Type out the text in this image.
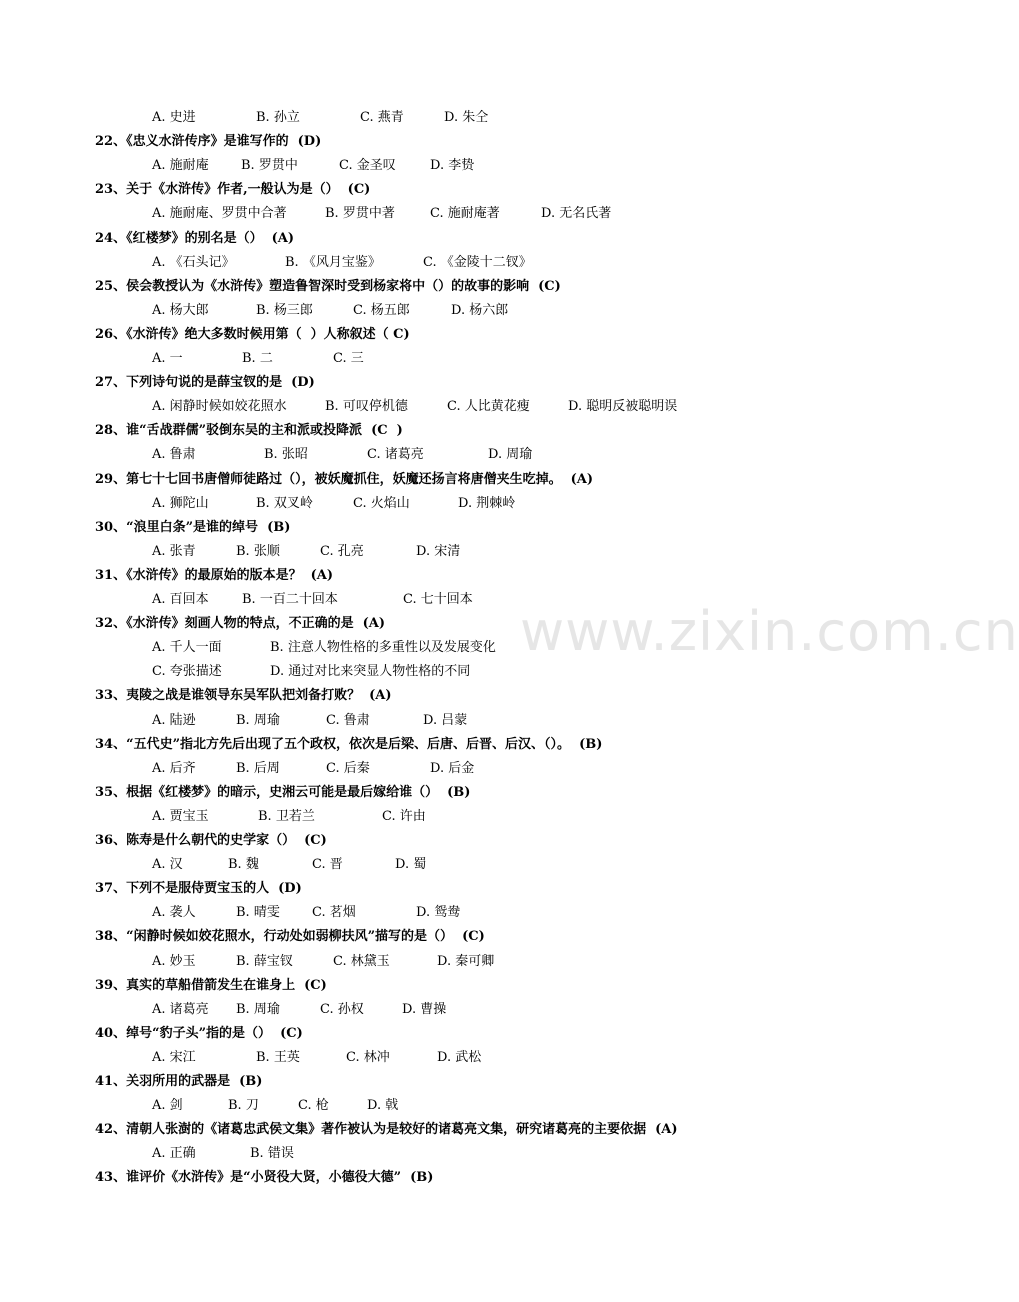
www.zixin.com.cn
A. 史进	B. 孙立	C. 燕青	D. 朱仝
22、《忠义水浒传序》是谁写作的  (D)
A. 施耐庵 B. 罗贯中	C. 金圣叹	D. 李贽
23、关于《水浒传》作者,一般认为是（）  (C)
A. 施耐庵、罗贯中合著	B. 罗贯中著	C. 施耐庵著	D. 无名氏著
24、《红楼梦》的别名是（）  (A)
A. 《石头记》	B. 《风月宝鉴》	C. 《金陵十二钗》
25、侯会教授认为《水浒传》塑造鲁智深时受到杨家将中（）的故事的影响  (C)
A. 杨大郎	B. 杨三郎	C. 杨五郎	D. 杨六郎
26、《水浒传》绝大多数时候用第（  ）人称叙述（ C)
A. 一	B. 二	C. 三
27、下列诗句说的是薛宝钗的是  (D)
A. 闲静时候如姣花照水	B. 可叹停机德	C. 人比黄花瘦	D. 聪明反被聪明误
28、谁“舌战群儒”驳倒东吴的主和派或投降派  (C  )
A. 鲁肃	B. 张昭	C. 诸葛亮	D. 周瑜
29、第七十七回书唐僧师徒路过（），被妖魔抓住，妖魔还扬言将唐僧夹生吃掉。  (A)
A. 狮陀山	B. 双叉岭	C. 火焰山	D. 荆棘岭
30、“浪里白条”是谁的绰号  (B)
A. 张青	B. 张顺	C. 孔亮	D. 宋清
31、《水浒传》的最原始的版本是？  (A)
A. 百回本	B. 一百二十回本	C. 七十回本
32、《水浒传》刻画人物的特点，不正确的是  (A)
A. 千人一面	B. 注意人物性格的多重性以及发展变化
C. 夸张描述	D. 通过对比来突显人物性格的不同
33、夷陵之战是谁领导东吴军队把刘备打败？  (A)
A. 陆逊	B. 周瑜	C. 鲁肃	D. 吕蒙
34、“五代史”指北方先后出现了五个政权，依次是后梁、后唐、后晋、后汉、（）。  (B)
A. 后齐	B. 后周	C. 后秦	D. 后金
35、根据《红楼梦》的暗示，史湘云可能是最后嫁给谁（）  (B)
A. 贾宝玉	B. 卫若兰	C. 许由
36、陈寿是什么朝代的史学家（）  (C)
A. 汉	B. 魏	C. 晋	D. 蜀
37、下列不是服侍贾宝玉的人  (D)
A. 袭人	B. 晴雯 C. 茗烟	D. 鸳鸯
38、“闲静时候如姣花照水，行动处如弱柳扶风”描写的是（）  (C)
A. 妙玉	B. 薛宝钗	C. 林黛玉	D. 秦可卿
39、真实的草船借箭发生在谁身上  (C)
A. 诸葛亮 B. 周瑜	C. 孙权	D. 曹操
40、绰号“豹子头”指的是（）  (C)
A. 宋江	B. 王英	C. 林冲	D. 武松
41、关羽所用的武器是  (B)
A. 剑	B. 刀	C. 枪	D. 戟
42、清朝人张澍的《诸葛忠武侯文集》著作被认为是较好的诸葛亮文集，研究诸葛亮的主要依据  (A)
A. 正确	B. 错误
43、谁评价《水浒传》是“小贤役大贤，小德役大德”  (B)
